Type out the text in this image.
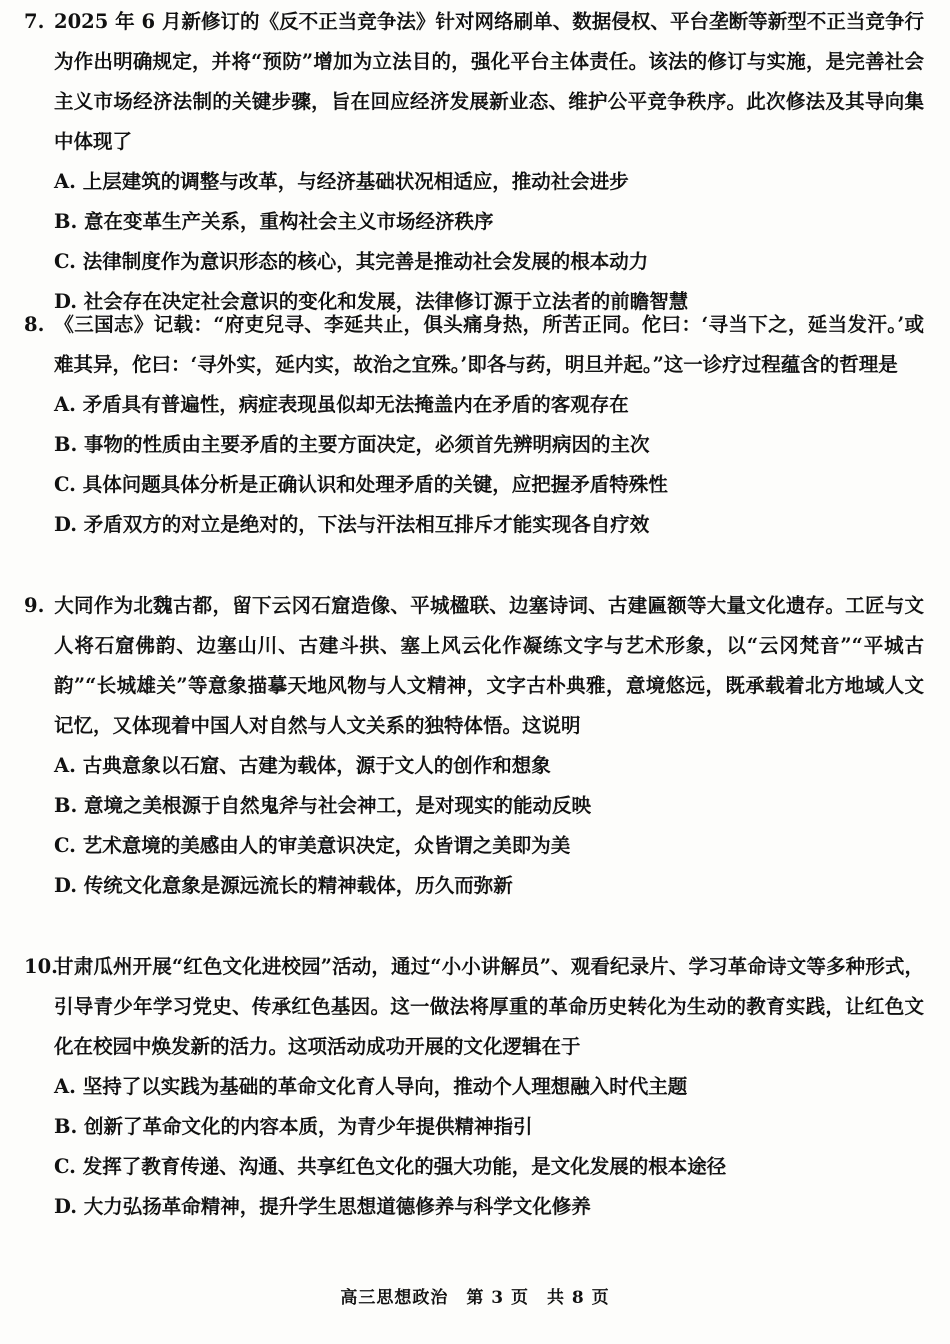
7. 2025 年 6 月新修订的《反不正当竞争法》针对网络刷单、数据侵权、平台垄断等新型不正当竞争行为作出明确规定，并将“预防”增加为立法目的，强化平台主体责任。该法的修订与实施，是完善社会主义市场经济法制的关键步骤，旨在回应经济发展新业态、维护公平竞争秩序。此次修法及其导向集中体现了

A. 上层建筑的调整与改革，与经济基础状况相适应，推动社会进步

B. 意在变革生产关系，重构社会主义市场经济秩序

C. 法律制度作为意识形态的核心，其完善是推动社会发展的根本动力

D. 社会存在决定社会意识的变化和发展，法律修订源于立法者的前瞻智慧

8. 《三国志》记载：“府吏兒寻、李延共止，俱头痛身热，所苦正同。佗曰：‘寻当下之，延当发汗。’或难其异，佗曰：‘寻外实，延内实，故治之宜殊。’即各与药，明旦并起。”这一诊疗过程蕴含的哲理是

A. 矛盾具有普遍性，病症表现虽似却无法掩盖内在矛盾的客观存在

B. 事物的性质由主要矛盾的主要方面决定，必须首先辨明病因的主次

C. 具体问题具体分析是正确认识和处理矛盾的关键，应把握矛盾特殊性

D. 矛盾双方的对立是绝对的，下法与汗法相互排斥才能实现各自疗效

9. 大同作为北魏古都，留下云冈石窟造像、平城楹联、边塞诗词、古建匾额等大量文化遗存。工匠与文人将石窟佛韵、边塞山川、古建斗拱、塞上风云化作凝练文字与艺术形象，以“云冈梵音”“平城古韵”“长城雄关”等意象描摹天地风物与人文精神，文字古朴典雅，意境悠远，既承载着北方地域人文记忆，又体现着中国人对自然与人文关系的独特体悟。这说明

A. 古典意象以石窟、古建为载体，源于文人的创作和想象

B. 意境之美根源于自然鬼斧与社会神工，是对现实的能动反映

C. 艺术意境的美感由人的审美意识决定，众皆谓之美即为美

D. 传统文化意象是源远流长的精神载体，历久而弥新

10.甘肃瓜州开展“红色文化进校园”活动，通过“小小讲解员”、观看纪录片、学习革命诗文等多种形式，引导青少年学习党史、传承红色基因。这一做法将厚重的革命历史转化为生动的教育实践，让红色文化在校园中焕发新的活力。这项活动成功开展的文化逻辑在于

A. 坚持了以实践为基础的革命文化育人导向，推动个人理想融入时代主题

B. 创新了革命文化的内容本质，为青少年提供精神指引

C. 发挥了教育传递、沟通、共享红色文化的强大功能，是文化发展的根本途径

D. 大力弘扬革命精神，提升学生思想道德修养与科学文化修养

高三思想政治　第 3 页　共 8 页
